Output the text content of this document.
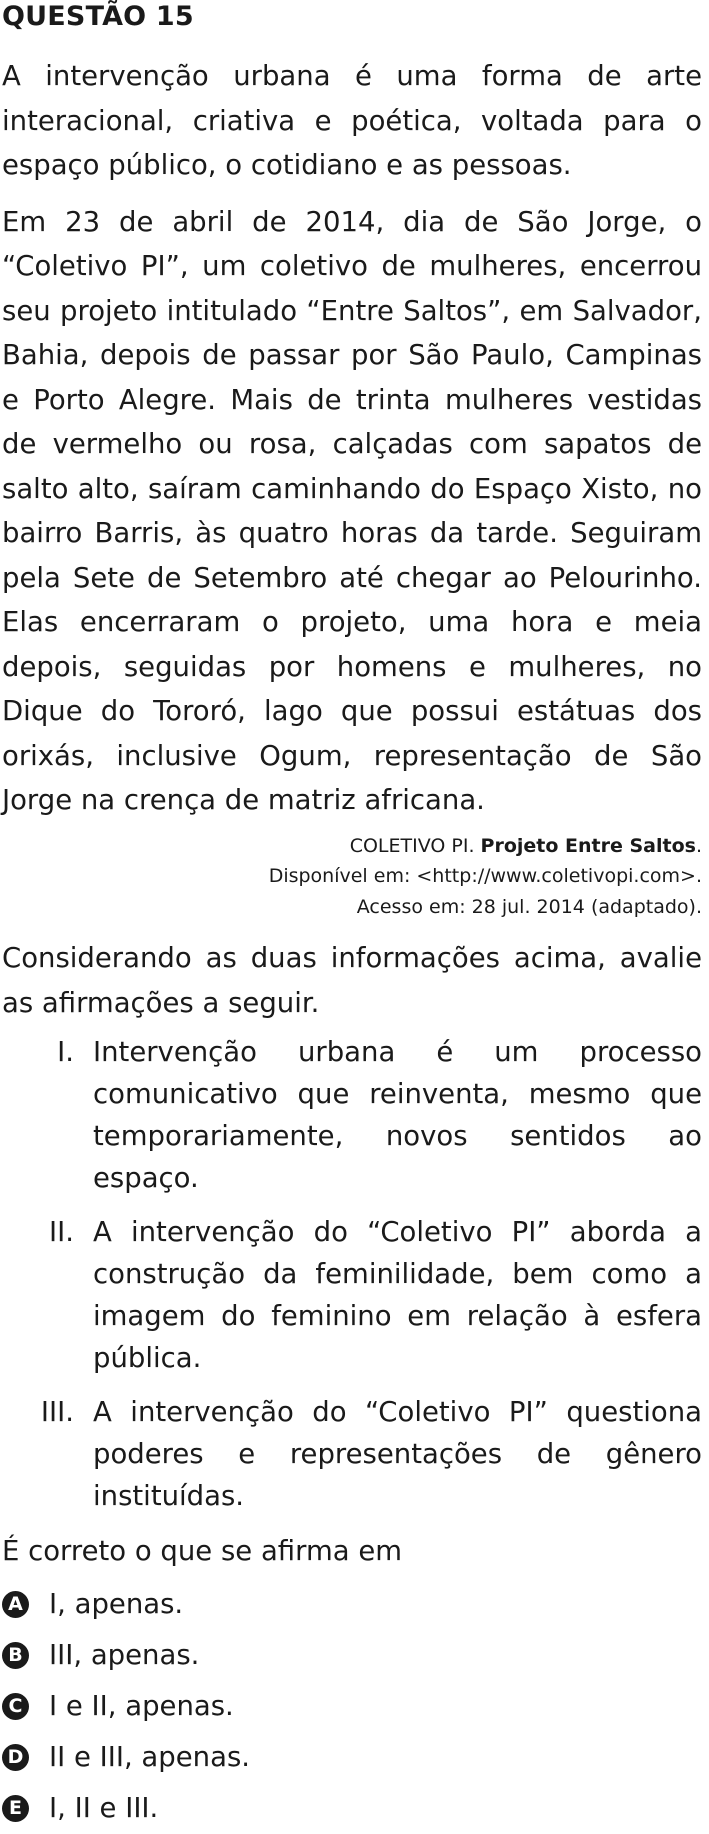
QUESTÃO 15

A intervenção urbana é uma forma de arte interacional, criativa e poética, voltada para o espaço público, o cotidiano e as pessoas.

Em 23 de abril de 2014, dia de São Jorge, o “Coletivo PI”, um coletivo de mulheres, encerrou seu projeto intitulado “Entre Saltos”, em Salvador, Bahia, depois de passar por São Paulo, Campinas e Porto Alegre. Mais de trinta mulheres vestidas de vermelho ou rosa, calçadas com sapatos de salto alto, saíram caminhando do Espaço Xisto, no bairro Barris, às quatro horas da tarde. Seguiram pela Sete de Setembro até chegar ao Pelourinho. Elas encerraram o projeto, uma hora e meia depois, seguidas por homens e mulheres, no Dique do Tororó, lago que possui estátuas dos orixás, inclusive Ogum, representação de São Jorge na crença de matriz africana.

COLETIVO PI. Projeto Entre Saltos.
Disponível em: <http://www.coletivopi.com>.
Acesso em: 28 jul. 2014 (adaptado).

Considerando as duas informações acima, avalie as afirmações a seguir.

I. Intervenção urbana é um processo comunicativo que reinventa, mesmo que temporariamente, novos sentidos ao espaço.
II. A intervenção do “Coletivo PI” aborda a construção da feminilidade, bem como a imagem do feminino em relação à esfera pública.
III. A intervenção do “Coletivo PI” questiona poderes e representações de gênero instituídas.
É correto o que se afirma em
A I, apenas.
B III, apenas.
C I e II, apenas.
D II e III, apenas.
E I, II e III.
